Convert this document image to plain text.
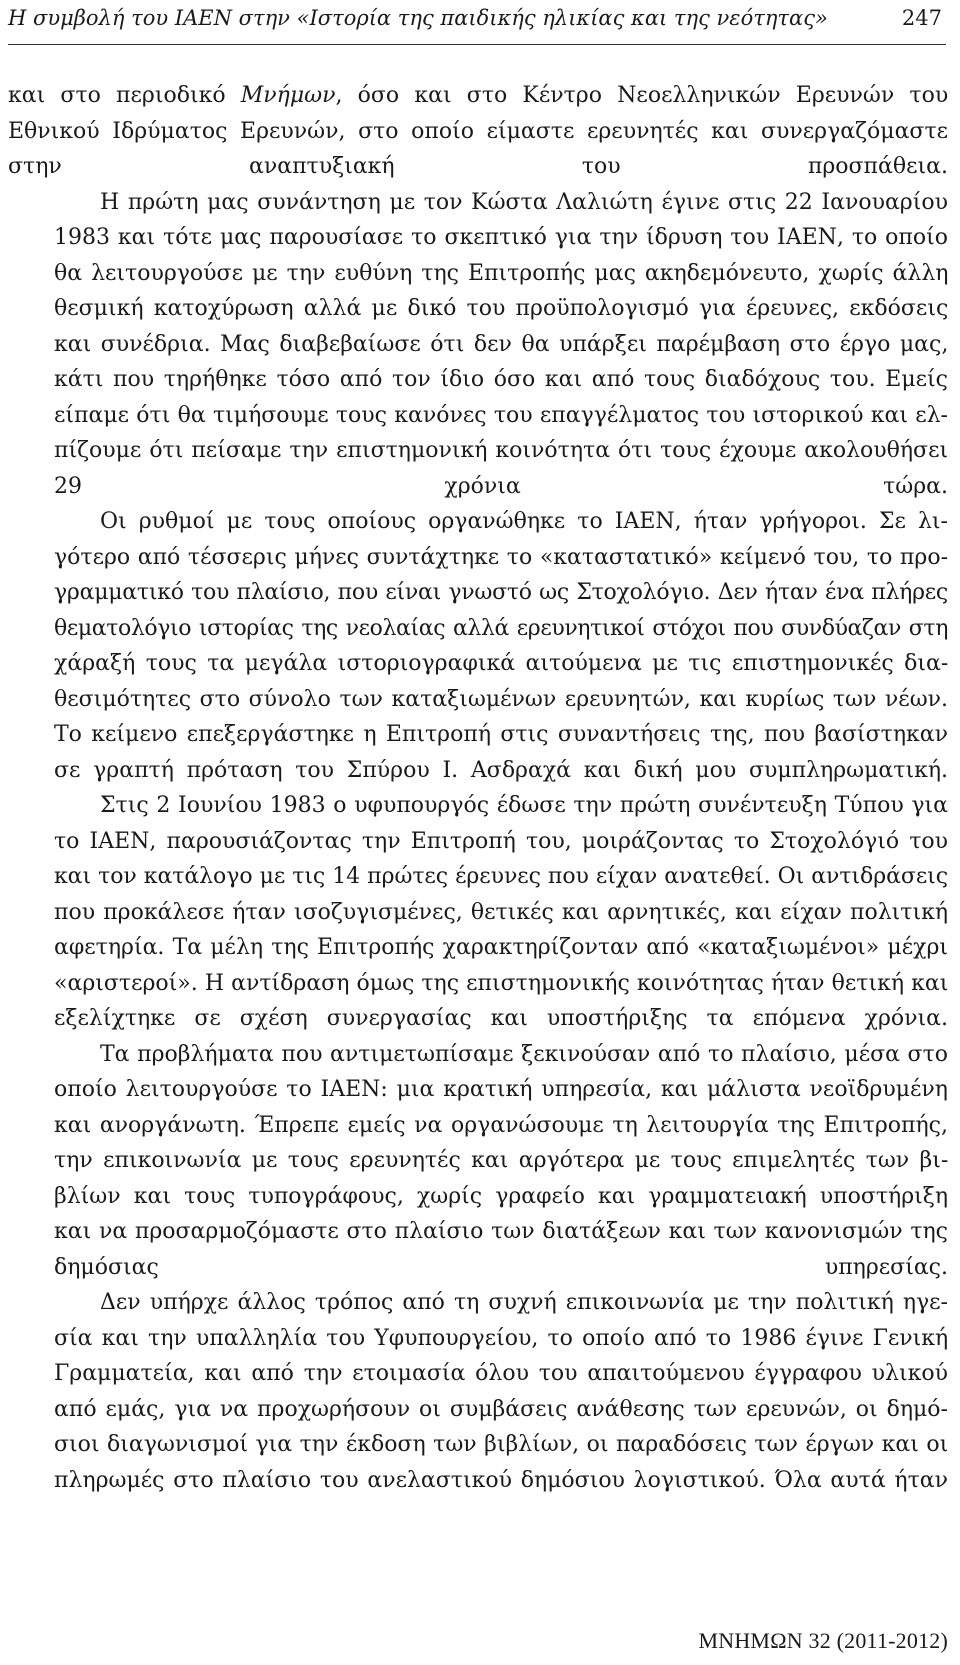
Η συμβολή του ΙΑΕΝ στην «Ιστορία της παιδικής ηλικίας και της νεότητας»	247

και στο περιοδικό Μνήμων, όσο και στο Κέντρο Νεοελληνικών Ερευνών του
Εθνικού Ιδρύματος Ερευνών, στο οποίο είμαστε ερευνητές και συνεργαζόμαστε
στην αναπτυξιακή του προσπάθεια.

Η πρώτη μας συνάντηση με τον Κώστα Λαλιώτη έγινε στις 22 Ιανουαρίου
1983 και τότε μας παρουσίασε το σκεπτικό για την ίδρυση του ΙΑΕΝ, το οποίο
θα λειτουργούσε με την ευθύνη της Επιτροπής μας ακηδεμόνευτο, χωρίς άλλη
θεσμική κατοχύρωση αλλά με δικό του προϋπολογισμό για έρευνες, εκδόσεις
και συνέδρια. Μας διαβεβαίωσε ότι δεν θα υπάρξει παρέμβαση στο έργο μας,
κάτι που τηρήθηκε τόσο από τον ίδιο όσο και από τους διαδόχους του. Εμείς
είπαμε ότι θα τιμήσουμε τους κανόνες του επαγγέλματος του ιστορικού και ελ-
πίζουμε ότι πείσαμε την επιστημονική κοινότητα ότι τους έχουμε ακολουθήσει
29 χρόνια τώρα.

Οι ρυθμοί με τους οποίους οργανώθηκε το ΙΑΕΝ, ήταν γρήγοροι. Σε λι-
γότερο από τέσσερις μήνες συντάχτηκε το «καταστατικό» κείμενό του, το προ-
γραμματικό του πλαίσιο, που είναι γνωστό ως Στοχολόγιο. Δεν ήταν ένα πλήρες
θεματολόγιο ιστορίας της νεολαίας αλλά ερευνητικοί στόχοι που συνδύαζαν στη
χάραξή τους τα μεγάλα ιστοριογραφικά αιτούμενα με τις επιστημονικές δια-
θεσιμότητες στο σύνολο των καταξιωμένων ερευνητών, και κυρίως των νέων.
Το κείμενο επεξεργάστηκε η Επιτροπή στις συναντήσεις της, που βασίστηκαν
σε γραπτή πρόταση του Σπύρου Ι. Ασδραχά και δική μου συμπληρωματική.

Στις 2 Ιουνίου 1983 ο υφυπουργός έδωσε την πρώτη συνέντευξη Τύπου για
το ΙΑΕΝ, παρουσιάζοντας την Επιτροπή του, μοιράζοντας το Στοχολόγιό του
και τον κατάλογο με τις 14 πρώτες έρευνες που είχαν ανατεθεί. Οι αντιδράσεις
που προκάλεσε ήταν ισοζυγισμένες, θετικές και αρνητικές, και είχαν πολιτική
αφετηρία. Τα μέλη της Επιτροπής χαρακτηρίζονταν από «καταξιωμένοι» μέχρι
«αριστεροί». Η αντίδραση όμως της επιστημονικής κοινότητας ήταν θετική και
εξελίχτηκε σε σχέση συνεργασίας και υποστήριξης τα επόμενα χρόνια.

Τα προβλήματα που αντιμετωπίσαμε ξεκινούσαν από το πλαίσιο, μέσα στο
οποίο λειτουργούσε το ΙΑΕΝ: μια κρατική υπηρεσία, και μάλιστα νεοϊδρυμένη
και ανοργάνωτη. Έπρεπε εμείς να οργανώσουμε τη λειτουργία της Επιτροπής,
την επικοινωνία με τους ερευνητές και αργότερα με τους επιμελητές των βι-
βλίων και τους τυπογράφους, χωρίς γραφείο και γραμματειακή υποστήριξη
και να προσαρμοζόμαστε στο πλαίσιο των διατάξεων και των κανονισμών της
δημόσιας υπηρεσίας.

Δεν υπήρχε άλλος τρόπος από τη συχνή επικοινωνία με την πολιτική ηγε-
σία και την υπαλληλία του Υφυπουργείου, το οποίο από το 1986 έγινε Γενική
Γραμματεία, και από την ετοιμασία όλου του απαιτούμενου έγγραφου υλικού
από εμάς, για να προχωρήσουν οι συμβάσεις ανάθεσης των ερευνών, οι δημό-
σιοι διαγωνισμοί για την έκδοση των βιβλίων, οι παραδόσεις των έργων και οι
πληρωμές στο πλαίσιο του ανελαστικού δημόσιου λογιστικού. Όλα αυτά ήταν

ΜΝΗΜΩΝ 32 (2011-2012)
